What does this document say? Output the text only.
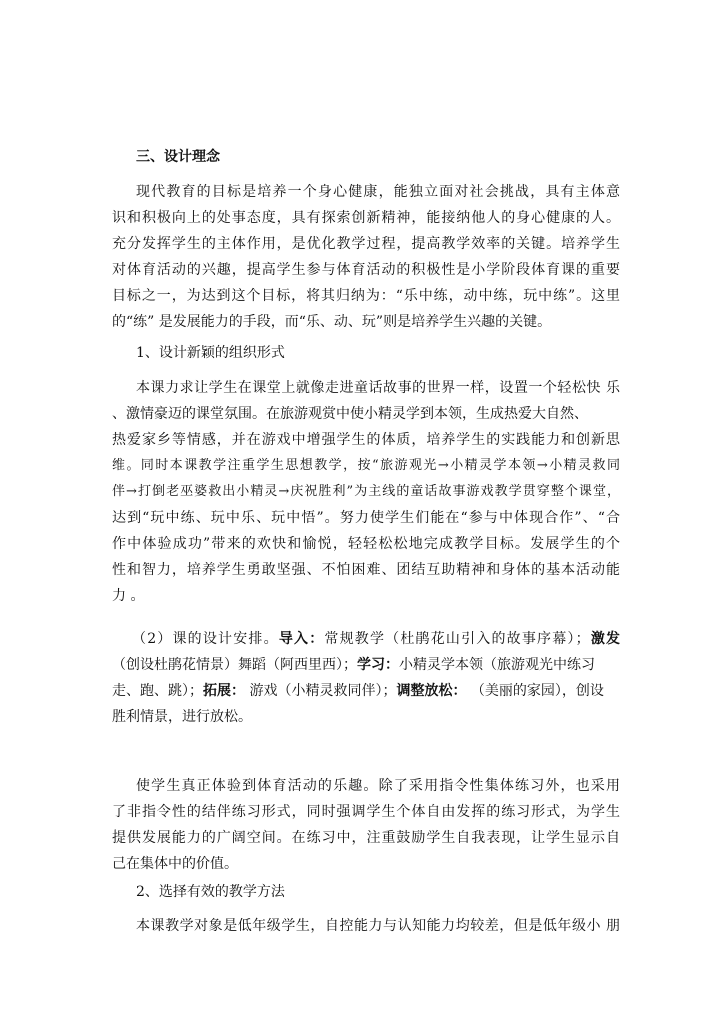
三、设计理念
现代教育的目标是培养一个身心健康，能独立面对社会挑战，具有主体意
识和积极向上的处事态度，具有探索创新精神，能接纳他人的身心健康的人。
充分发挥学生的主体作用，是优化教学过程，提高教学效率的关键。培养学生
对体育活动的兴趣，提高学生参与体育活动的积极性是小学阶段体育课的重要
目标之一，为达到这个目标，将其归纳为：“乐中练，动中练，玩中练”。这里
的“练” 是发展能力的手段，而“乐、动、玩”则是培养学生兴趣的关键。
1、设计新颖的组织形式
本课力求让学生在课堂上就像走进童话故事的世界一样，设置一个轻松快 乐
、激情豪迈的课堂氛围。在旅游观赏中使小精灵学到本领，生成热爱大自然、
热爱家乡等情感，并在游戏中增强学生的体质，培养学生的实践能力和创新思
维。同时本课教学注重学生思想教学，按“旅游观光→小精灵学本领→小精灵救同
伴→打倒老巫婆救出小精灵→庆祝胜利”为主线的童话故事游戏教学贯穿整个课堂，
达到“玩中练、玩中乐、玩中悟”。努力使学生们能在“参与中体现合作”、“合
作中体验成功”带来的欢快和愉悦，轻轻松松地完成教学目标。发展学生的个
性和智力，培养学生勇敢坚强、不怕困难、团结互助精神和身体的基本活动能
力 。
（2）课的设计安排。导入：常规教学（杜鹃花山引入的故事序幕）；激发
（创设杜鹃花情景）舞蹈（阿西里西）；学习：小精灵学本领（旅游观光中练习
走、跑、跳）；拓展： 游戏（小精灵救同伴）；调整放松： （美丽的家园），创设
胜利情景，进行放松。
使学生真正体验到体育活动的乐趣。除了采用指令性集体练习外，也采用
了非指令性的结伴练习形式，同时强调学生个体自由发挥的练习形式，为学生
提供发展能力的广阔空间。在练习中，注重鼓励学生自我表现，让学生显示自
己在集体中的价值。
2、选择有效的教学方法
本课教学对象是低年级学生，自控能力与认知能力均较差，但是低年级小 朋
